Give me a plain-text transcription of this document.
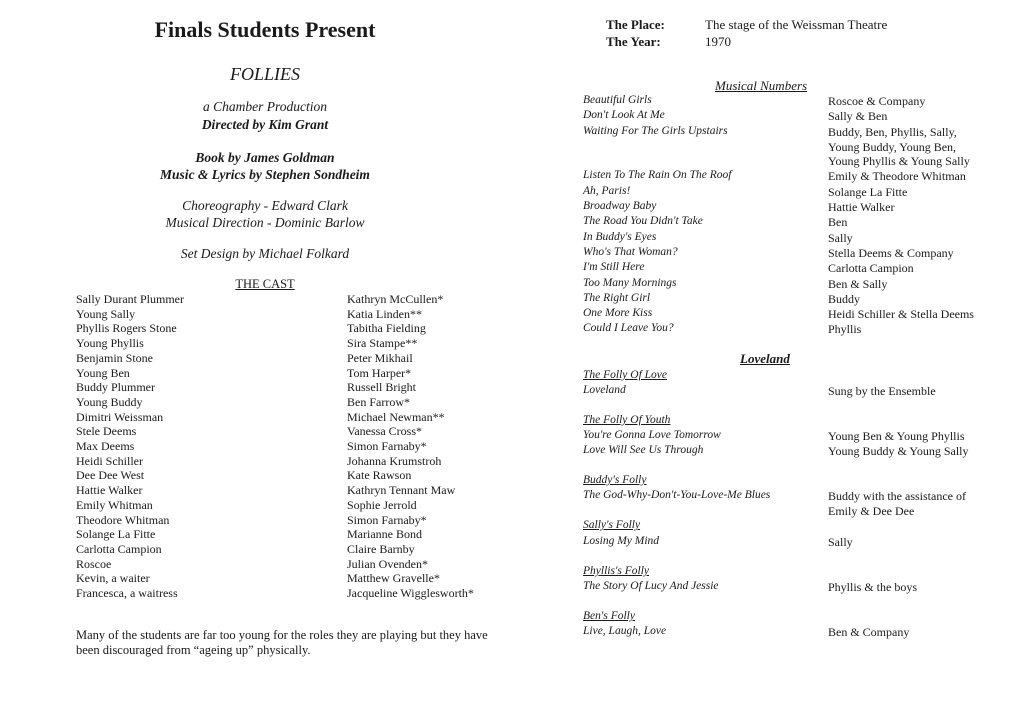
Finals Students Present
FOLLIES
a Chamber Production
Directed by Kim Grant
Book by James Goldman
Music & Lyrics by Stephen Sondheim
Choreography - Edward Clark
Musical Direction - Dominic Barlow
Set Design by Michael Folkard
THE CAST
Sally Durant Plummer
Young Sally
Phyllis Rogers Stone
Young Phyllis
Benjamin Stone
Young Ben
Buddy Plummer
Young Buddy
Dimitri Weissman
Stele Deems
Max Deems
Heidi Schiller
Dee Dee West
Hattie Walker
Emily Whitman
Theodore Whitman
Solange La Fitte
Carlotta Campion
Roscoe
Kevin, a waiter
Francesca, a waitress
Kathryn McCullen*
Katia Linden**
Tabitha Fielding
Sira Stampe**
Peter Mikhail
Tom Harper*
Russell Bright
Ben Farrow*
Michael Newman**
Vanessa Cross*
Simon Farnaby*
Johanna Krumstroh
Kate Rawson
Kathryn Tennant Maw
Sophie Jerrold
Simon Farnaby*
Marianne Bond
Claire Barnby
Julian Ovenden*
Matthew Gravelle*
Jacqueline Wigglesworth*
Many of the students are far too young for the roles they are playing but they have been discouraged from “ageing up” physically.
The Place:	The stage of the Weissman Theatre
The Year:	1970
Musical Numbers
Beautiful Girls	Roscoe & Company
Don't Look At Me	Sally & Ben
Waiting For The Girls Upstairs	Buddy, Ben, Phyllis, Sally,
Young Buddy, Young Ben,
Young Phyllis & Young Sally
Listen To The Rain On The Roof	Emily & Theodore Whitman
Ah, Paris!	Solange La Fitte
Broadway Baby	Hattie Walker
The Road You Didn't Take	Ben
In Buddy's Eyes	Sally
Who's That Woman?	Stella Deems & Company
I'm Still Here	Carlotta Campion
Too Many Mornings	Ben & Sally
The Right Girl	Buddy
One More Kiss	Heidi Schiller & Stella Deems
Could I Leave You?	Phyllis
Loveland
The Folly Of Love
Loveland	Sung by the Ensemble
The Folly Of Youth
You're Gonna Love Tomorrow	Young Ben & Young Phyllis
Love Will See Us Through	Young Buddy & Young Sally
Buddy's Folly
The God-Why-Don't-You-Love-Me Blues	Buddy with the assistance of
Emily & Dee Dee
Sally's Folly
Losing My Mind	Sally
Phyllis's Folly
The Story Of Lucy And Jessie	Phyllis & the boys
Ben's Folly
Live, Laugh, Love	Ben & Company
